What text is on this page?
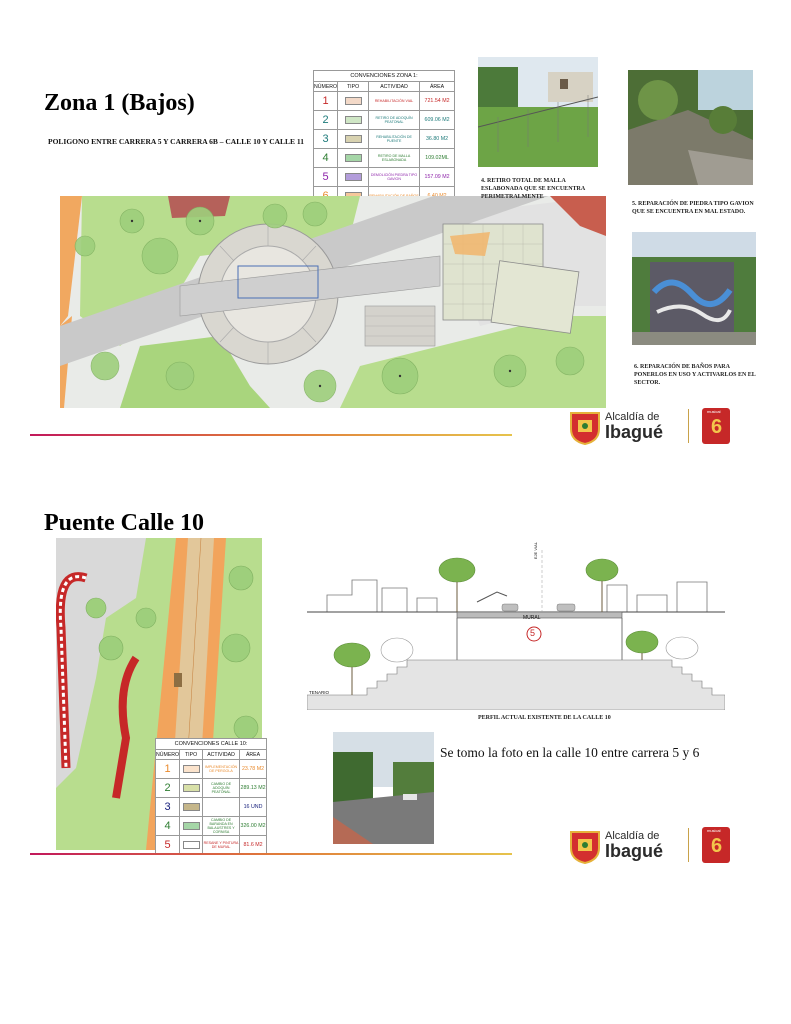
Zona 1 (Bajos)
POLIGONO ENTRE CARRERA 5 Y CARRERA 6B – CALLE 10 Y CALLE 11
CONVENCIONES ZONA 1:			
NÚMERO	TIPO	ACTIVIDAD	ÁREA
1		REHABILITACIÓN VIAL	721.54 M2
2		RETIRO DE ADOQUÍN PEATONAL	609.06 M2
3		REHABILITACIÓN DE PUENTE	36.80 M2
4		RETIRO DE MALLA ESLABONADA	109.02ML
5		DEMOLICIÓN PIEDRA TIPO GAVION	157.09 M2

4. RETIRO TOTAL DE MALLA ESLABONADA QUE SE ENCUENTRA PERIMETRALMENTE
5. REPARACIÓN DE PIEDRA TIPO GAVION QUE SE ENCUENTRA EN MAL ESTADO.
6. REPARACIÓN DE BAÑOS PARA PONERLOS EN USO Y ACTIVARLOS EN EL SECTOR.
Alcaldía de
Ibagué
musical
6
Puente Calle 10
CONVENCIONES CALLE 10:			
NÚMERO	TIPO	ACTIVIDAD	ÁREA
1		IMPLEMENTACIÓN DE PERGOLA	23.78 M2
2		CAMBIO DE ADOQUÍN PEATONAL	289.13 M2
3			16 UND
4		CAMBIO DE BARANDA EN BALAUSTRES Y CORNISA	326.00 M2
5		RESANE Y PINTURA DE MURAL	81.6 M2
MURAL
5
TENARIO
EJE VIAL
PERFIL ACTUAL EXISTENTE DE LA CALLE 10
Se tomo la foto en la calle 10 entre carrera 5 y 6
Alcaldía de
Ibagué
musical
6
